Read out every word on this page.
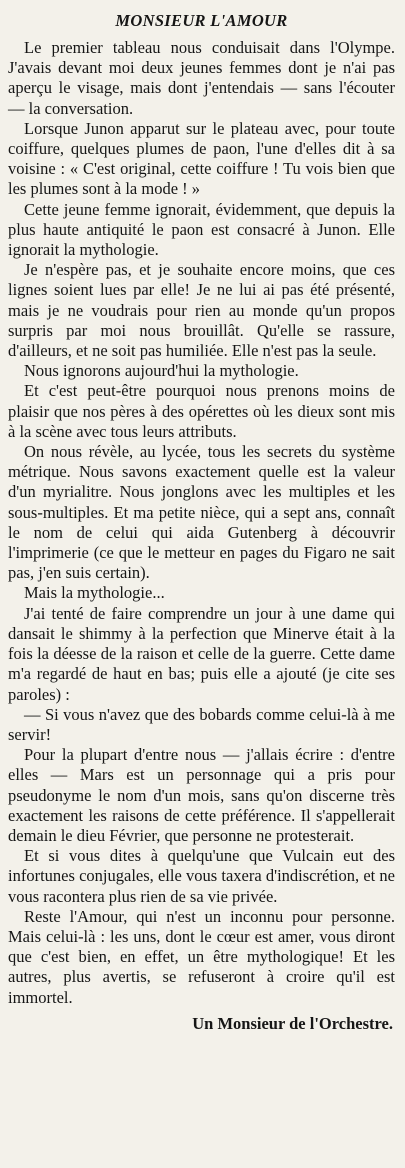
MONSIEUR L'AMOUR

Le premier tableau nous conduisait dans l'Olympe. J'avais devant moi deux jeunes femmes dont je n'ai pas aperçu le visage, mais dont j'entendais — sans l'écouter — la conversation.

Lorsque Junon apparut sur le plateau avec, pour toute coiffure, quelques plumes de paon, l'une d'elles dit à sa voisine : « C'est original, cette coiffure ! Tu vois bien que les plumes sont à la mode ! »

Cette jeune femme ignorait, évidemment, que depuis la plus haute antiquité le paon est consacré à Junon. Elle ignorait la mythologie.

Je n'espère pas, et je souhaite encore moins, que ces lignes soient lues par elle! Je ne lui ai pas été présenté, mais je ne voudrais pour rien au monde qu'un propos surpris par moi nous brouillât. Qu'elle se rassure, d'ailleurs, et ne soit pas humiliée. Elle n'est pas la seule.

Nous ignorons aujourd'hui la mythologie.

Et c'est peut-être pourquoi nous prenons moins de plaisir que nos pères à des opérettes où les dieux sont mis à la scène avec tous leurs attributs.

On nous révèle, au lycée, tous les secrets du système métrique. Nous savons exactement quelle est la valeur d'un myrialitre. Nous jonglons avec les multiples et les sous-multiples. Et ma petite nièce, qui a sept ans, connaît le nom de celui qui aida Gutenberg à découvrir l'imprimerie (ce que le metteur en pages du Figaro ne sait pas, j'en suis certain).

Mais la mythologie...

J'ai tenté de faire comprendre un jour à une dame qui dansait le shimmy à la perfection que Minerve était à la fois la déesse de la raison et celle de la guerre. Cette dame m'a regardé de haut en bas; puis elle a ajouté (je cite ses paroles) :

— Si vous n'avez que des bobards comme celui-là à me servir!

Pour la plupart d'entre nous — j'allais écrire : d'entre elles — Mars est un personnage qui a pris pour pseudonyme le nom d'un mois, sans qu'on discerne très exactement les raisons de cette préférence. Il s'appellerait demain le dieu Février, que personne ne protesterait.

Et si vous dites à quelqu'une que Vulcain eut des infortunes conjugales, elle vous taxera d'indiscrétion, et ne vous racontera plus rien de sa vie privée.

Reste l'Amour, qui n'est un inconnu pour personne. Mais celui-là : les uns, dont le cœur est amer, vous diront que c'est bien, en effet, un être mythologique! Et les autres, plus avertis, se refuseront à croire qu'il est immortel.

Un Monsieur de l'Orchestre.
